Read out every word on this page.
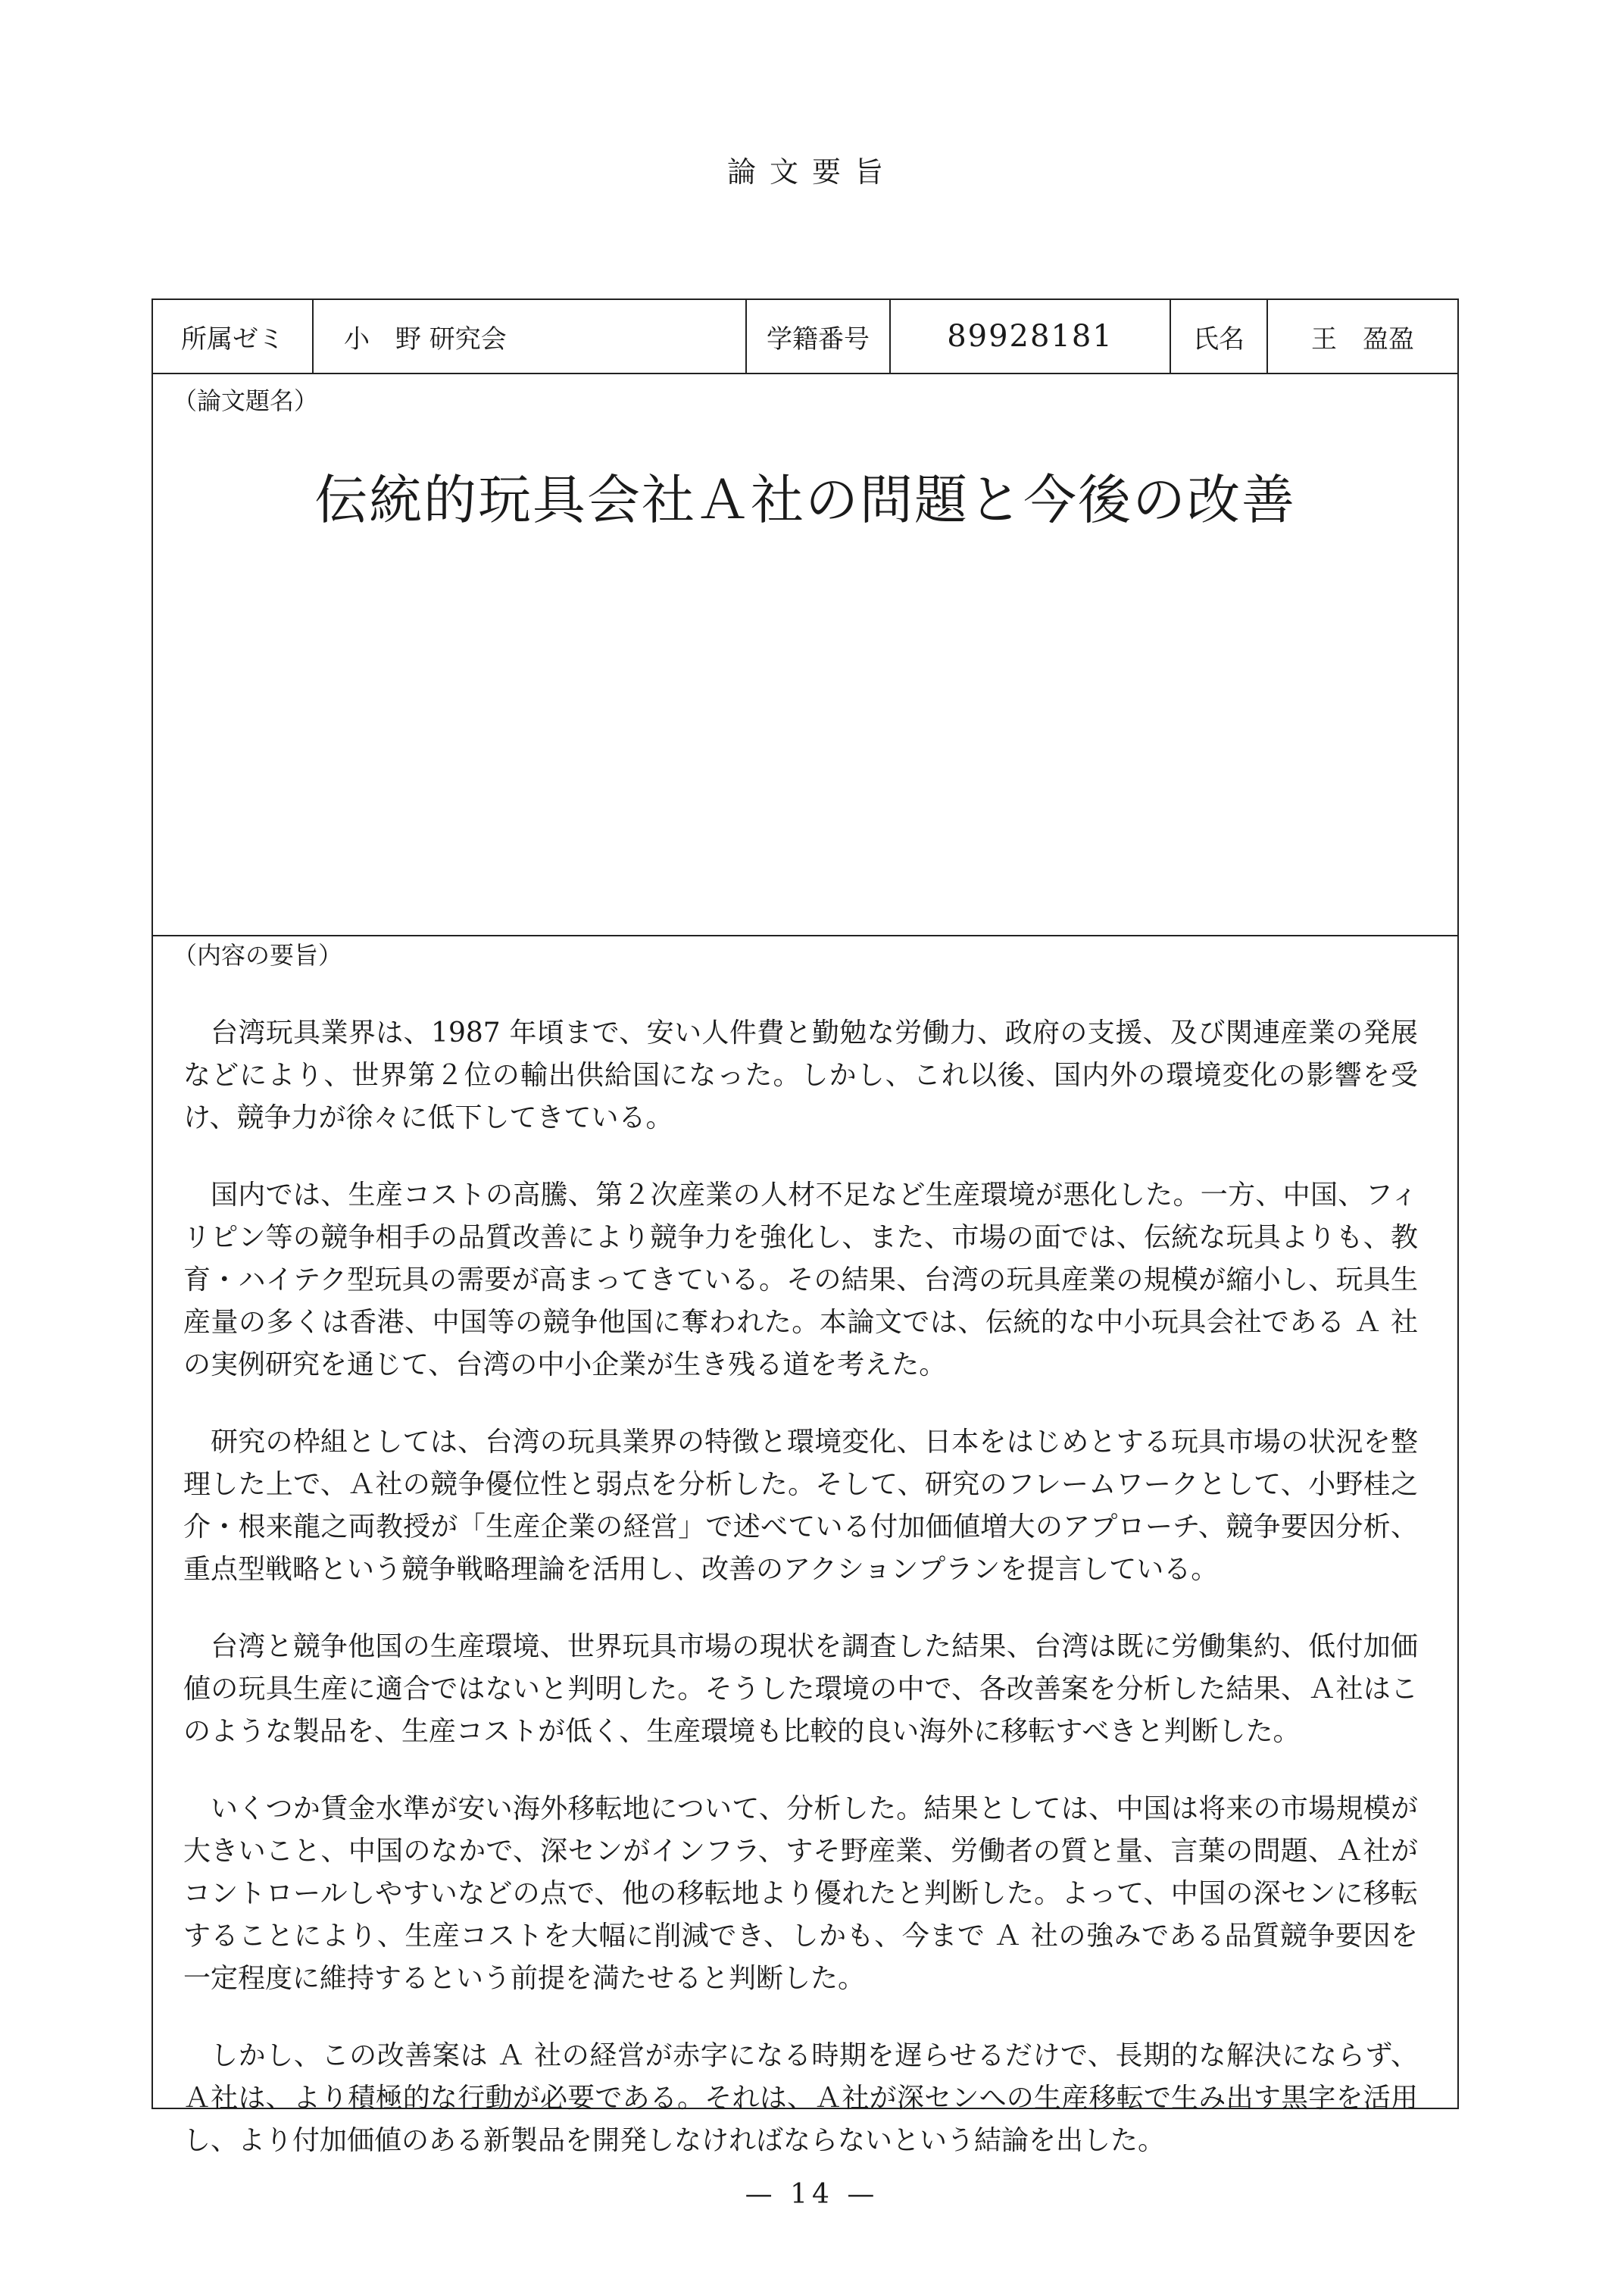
論文要旨
所属ゼミ	小　野 研究会	学籍番号	89928181	氏名	王　盈盈
（論文題名）
伝統的玩具会社Ａ社の問題と今後の改善
（内容の要旨）

台湾玩具業界は、1987 年頃まで、安い人件費と勤勉な労働力、政府の支援、及び関連産業の発展などにより、世界第２位の輸出供給国になった。しかし、これ以後、国内外の環境変化の影響を受け、競争力が徐々に低下してきている。

国内では、生産コストの高騰、第２次産業の人材不足など生産環境が悪化した。一方、中国、フィリピン等の競争相手の品質改善により競争力を強化し、また、市場の面では、伝統な玩具よりも、教育・ハイテク型玩具の需要が高まってきている。その結果、台湾の玩具産業の規模が縮小し、玩具生産量の多くは香港、中国等の競争他国に奪われた。本論文では、伝統的な中小玩具会社である Ａ 社の実例研究を通じて、台湾の中小企業が生き残る道を考えた。

研究の枠組としては、台湾の玩具業界の特徴と環境変化、日本をはじめとする玩具市場の状況を整理した上で、Ａ社の競争優位性と弱点を分析した。そして、研究のフレームワークとして、小野桂之介・根来龍之両教授が「生産企業の経営」で述べている付加価値増大のアプローチ、競争要因分析、重点型戦略という競争戦略理論を活用し、改善のアクションプランを提言している。

台湾と競争他国の生産環境、世界玩具市場の現状を調査した結果、台湾は既に労働集約、低付加価値の玩具生産に適合ではないと判明した。そうした環境の中で、各改善案を分析した結果、Ａ社はこのような製品を、生産コストが低く、生産環境も比較的良い海外に移転すべきと判断した。

いくつか賃金水準が安い海外移転地について、分析した。結果としては、中国は将来の市場規模が大きいこと、中国のなかで、深センがインフラ、すそ野産業、労働者の質と量、言葉の問題、Ａ社がコントロールしやすいなどの点で、他の移転地より優れたと判断した。よって、中国の深センに移転することにより、生産コストを大幅に削減でき、しかも、今まで Ａ 社の強みである品質競争要因を一定程度に維持するという前提を満たせると判断した。

しかし、この改善案は Ａ 社の経営が赤字になる時期を遅らせるだけで、長期的な解決にならず、Ａ社は、より積極的な行動が必要である。それは、Ａ社が深センへの生産移転で生み出す黒字を活用し、より付加価値のある新製品を開発しなければならないという結論を出した。

— 14 —
